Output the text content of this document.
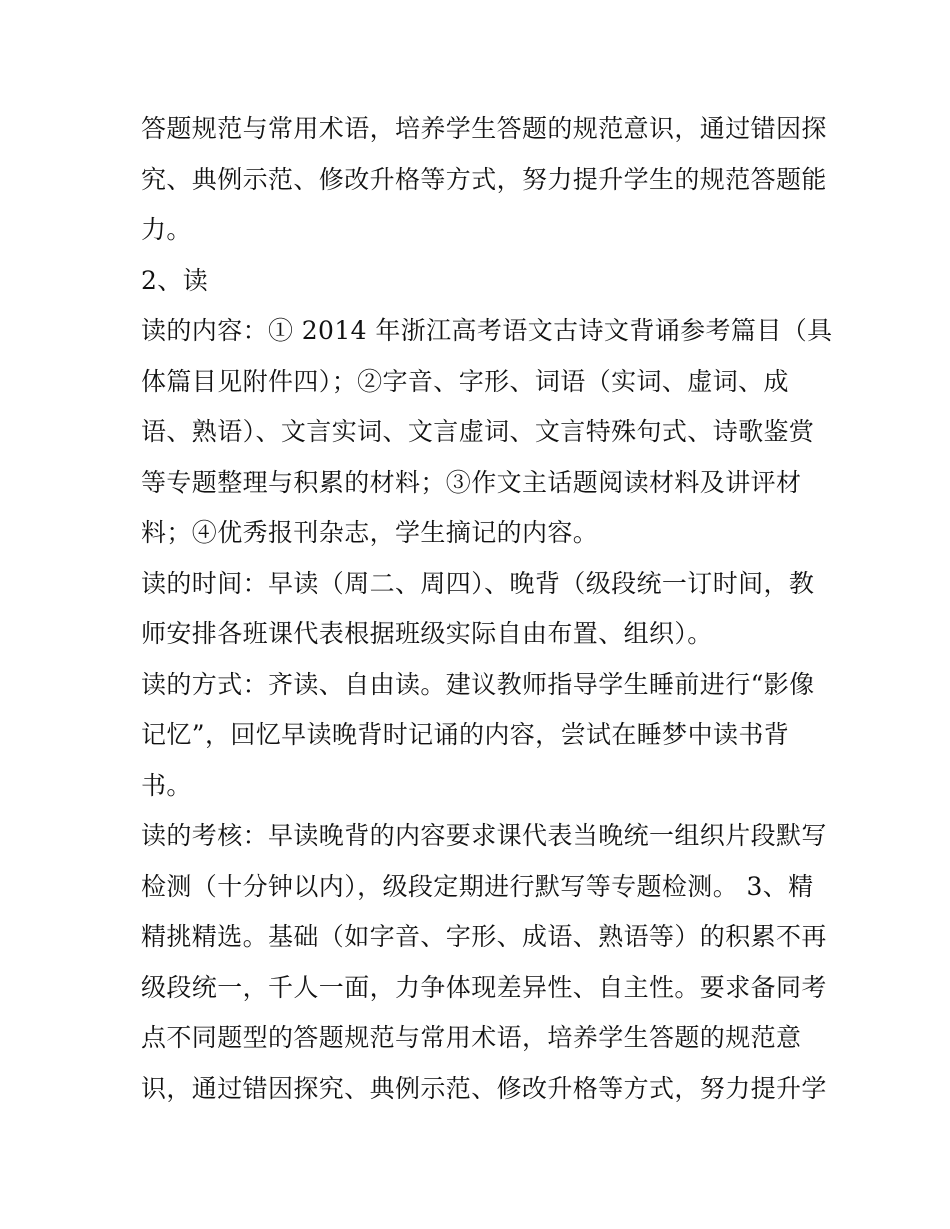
答题规范与常用术语，培养学生答题的规范意识，通过错因探
究、典例示范、修改升格等方式，努力提升学生的规范答题能
力。
2、读
读的内容：① 2014 年浙江高考语文古诗文背诵参考篇目（具
体篇目见附件四）；②字音、字形、词语（实词、虚词、成
语、熟语）、文言实词、文言虚词、文言特殊句式、诗歌鉴赏
等专题整理与积累的材料；③作文主话题阅读材料及讲评材
料；④优秀报刊杂志，学生摘记的内容。
读的时间：早读（周二、周四）、晚背（级段统一订时间，教
师安排各班课代表根据班级实际自由布置、组织）。
读的方式：齐读、自由读。建议教师指导学生睡前进行“影像
记忆”，回忆早读晚背时记诵的内容，尝试在睡梦中读书背
书。
读的考核：早读晚背的内容要求课代表当晚统一组织片段默写
检测（十分钟以内），级段定期进行默写等专题检测。 3、精
精挑精选。基础（如字音、字形、成语、熟语等）的积累不再
级段统一，千人一面，力争体现差异性、自主性。要求备同考
点不同题型的答题规范与常用术语，培养学生答题的规范意
识，通过错因探究、典例示范、修改升格等方式，努力提升学
